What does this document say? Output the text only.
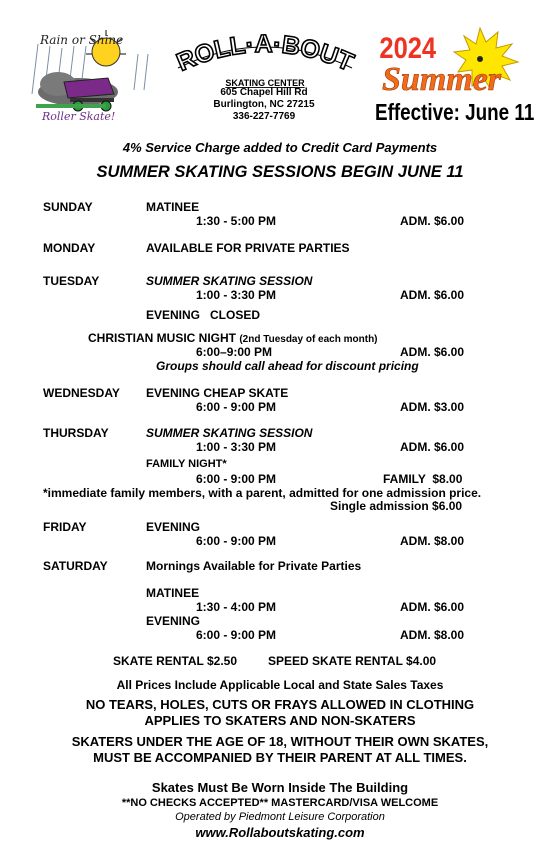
Rain or Shine
Roller Skate!
ROLL·A·BOUT
SKATING CENTER
605 Chapel Hill Rd
Burlington, NC 27215
336-227-7769
2024
Summer
Effective: June 11
4% Service Charge added to Credit Card Payments
SUMMER SKATING SESSIONS BEGIN JUNE 11
SUNDAY	MATINEE
1:30 - 5:00 PM	ADM. $6.00
MONDAY	AVAILABLE FOR PRIVATE PARTIES
TUESDAY	SUMMER SKATING SESSION
1:00 - 3:30 PM	ADM. $6.00
EVENING   CLOSED
CHRISTIAN MUSIC NIGHT (2nd Tuesday of each month)
6:00–9:00 PM	ADM. $6.00
Groups should call ahead for discount pricing
WEDNESDAY EVENING CHEAP SKATE
6:00 - 9:00 PM	ADM. $3.00
THURSDAY	SUMMER SKATING SESSION
1:00 - 3:30 PM	ADM. $6.00
FAMILY NIGHT*
6:00 - 9:00 PM	FAMILY  $8.00
*immediate family members, with a parent, admitted for one admission price.
Single admission $6.00
FRIDAY	EVENING
6:00 - 9:00 PM	ADM. $8.00
SATURDAY	Mornings Available for Private Parties
MATINEE
1:30 - 4:00 PM	ADM. $6.00
EVENING
6:00 - 9:00 PM	ADM. $8.00
SKATE RENTAL $2.50	SPEED SKATE RENTAL $4.00
All Prices Include Applicable Local and State Sales Taxes
NO TEARS, HOLES, CUTS OR FRAYS ALLOWED IN CLOTHING
APPLIES TO SKATERS AND NON-SKATERS
SKATERS UNDER THE AGE OF 18, WITHOUT THEIR OWN SKATES,
MUST BE ACCOMPANIED BY THEIR PARENT AT ALL TIMES.
Skates Must Be Worn Inside The Building
**NO CHECKS ACCEPTED** MASTERCARD/VISA WELCOME
Operated by Piedmont Leisure Corporation
www.Rollaboutskating.com
